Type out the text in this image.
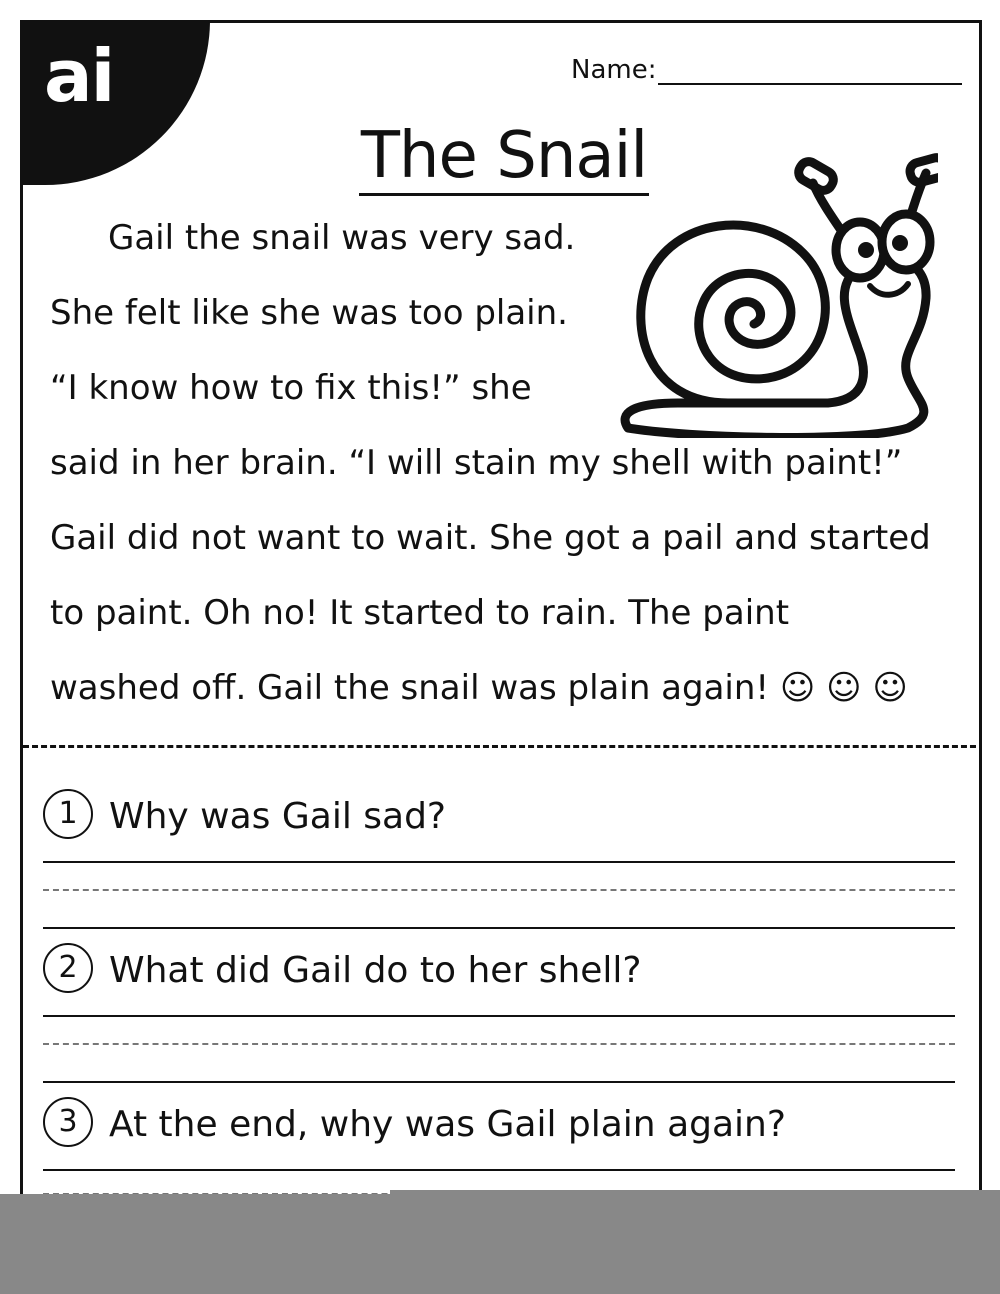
ai	Name:
The Snail
Gail the snail was very sad.
She felt like she was too plain.
“I know how to fix this!” she
said in her brain. “I will stain my shell with paint!”
Gail did not want to wait. She got a pail and started
to paint. Oh no! It started to rain. The paint
washed off. Gail the snail was plain again! ☺ ☺ ☺
1 Why was Gail sad?
2 What did Gail do to her shell?
3 At the end, why was Gail plain again?
